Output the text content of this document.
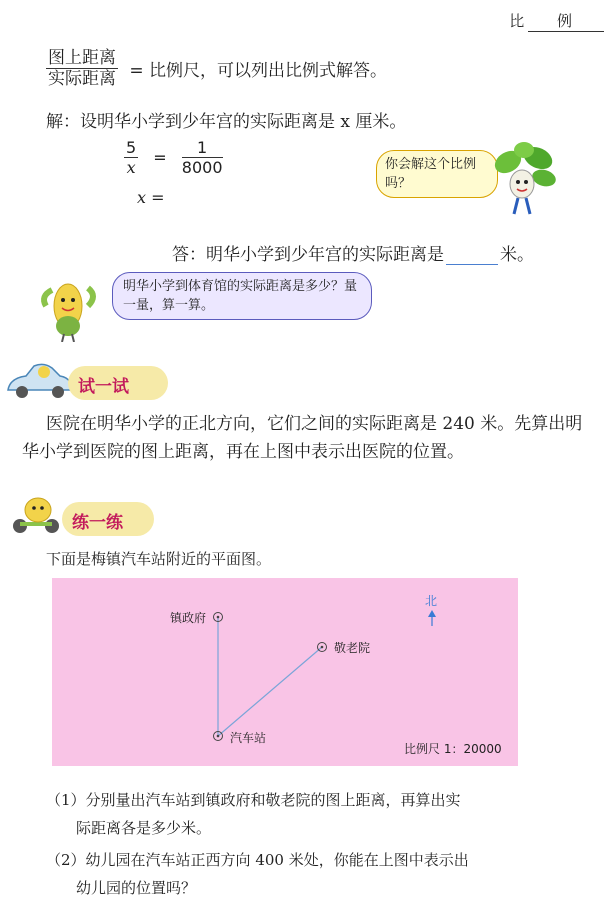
比 例
$\frac{\text{图上距离}}{\text{实际距离}}$ = 比例尺，可以列出比例式解答。
解：设明华小学到少年宫的实际距离是 x 厘米。
$\frac{5}{x} = \frac{1}{8000}$
x =
你会解这个比例吗？
答：明华小学到少年宫的实际距离是	米。
明华小学到体育馆的实际距离是多少？量一量，算一算。
试一试
医院在明华小学的正北方向，它们之间的实际距离是 240 米。先算出明华小学到医院的图上距离，再在上图中表示出医院的位置。
练一练
下面是梅镇汽车站附近的平面图。
北
镇政府
敬老院
汽车站
比例尺 1：20000
（1）分别量出汽车站到镇政府和敬老院的图上距离，再算出实
际距离各是多少米。
（2）幼儿园在汽车站正西方向 400 米处，你能在上图中表示出
幼儿园的位置吗？
